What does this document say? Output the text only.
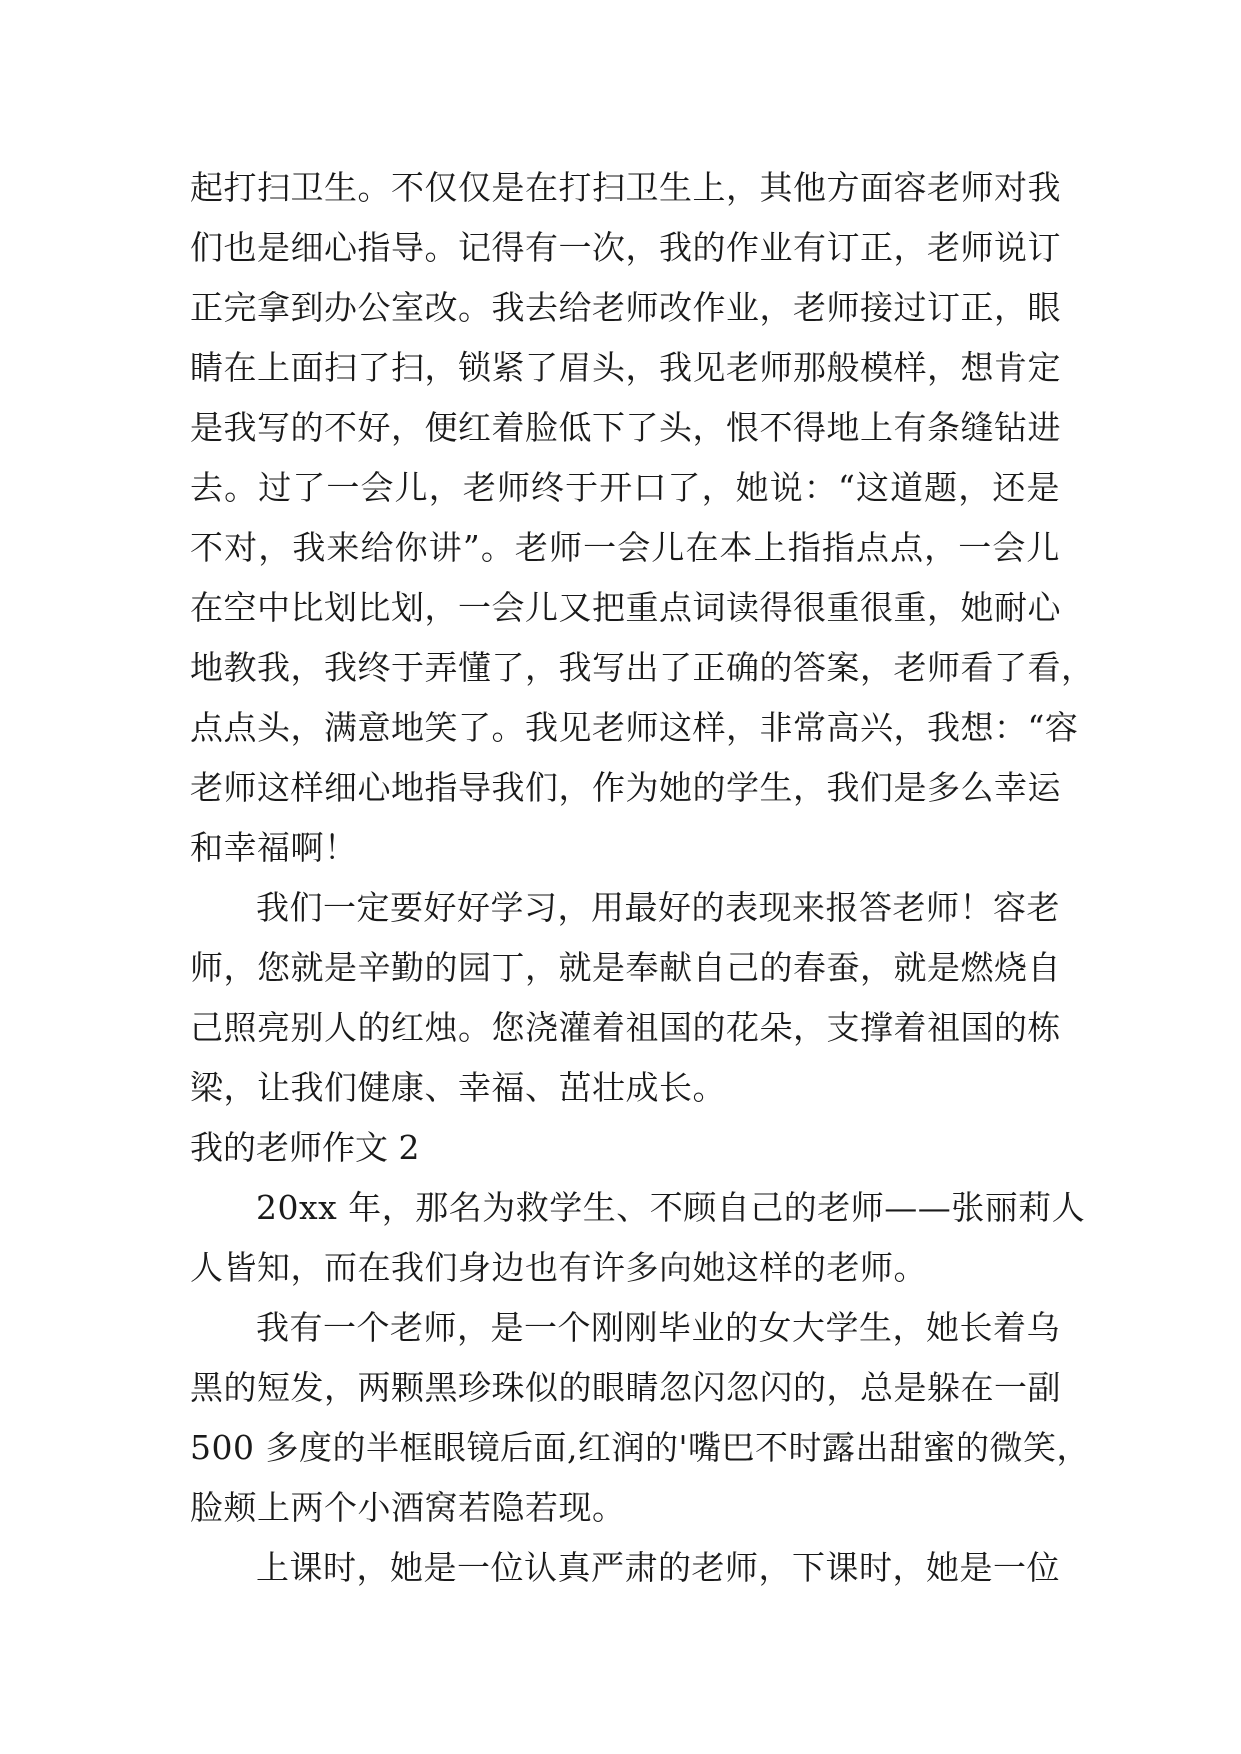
起打扫卫生。不仅仅是在打扫卫生上，其他方面容老师对我
们也是细心指导。记得有一次，我的作业有订正，老师说订
正完拿到办公室改。我去给老师改作业，老师接过订正，眼
睛在上面扫了扫，锁紧了眉头，我见老师那般模样，想肯定
是我写的不好，便红着脸低下了头，恨不得地上有条缝钻进
去。过了一会儿，老师终于开口了，她说：“这道题，还是
不对，我来给你讲”。老师一会儿在本上指指点点，一会儿
在空中比划比划，一会儿又把重点词读得很重很重，她耐心
地教我，我终于弄懂了，我写出了正确的答案，老师看了看，
点点头，满意地笑了。我见老师这样，非常高兴，我想：“容
老师这样细心地指导我们，作为她的学生，我们是多么幸运
和幸福啊！
我们一定要好好学习，用最好的表现来报答老师！容老
师，您就是辛勤的园丁，就是奉献自己的春蚕，就是燃烧自
己照亮别人的红烛。您浇灌着祖国的花朵，支撑着祖国的栋
梁，让我们健康、幸福、茁壮成长。
我的老师作文 2
20xx 年，那名为救学生、不顾自己的老师——张丽莉人
人皆知，而在我们身边也有许多向她这样的老师。
我有一个老师，是一个刚刚毕业的女大学生，她长着乌
黑的短发，两颗黑珍珠似的眼睛忽闪忽闪的，总是躲在一副
500 多度的半框眼镜后面,红润的'嘴巴不时露出甜蜜的微笑，
脸颊上两个小酒窝若隐若现。
上课时，她是一位认真严肃的老师，下课时，她是一位
